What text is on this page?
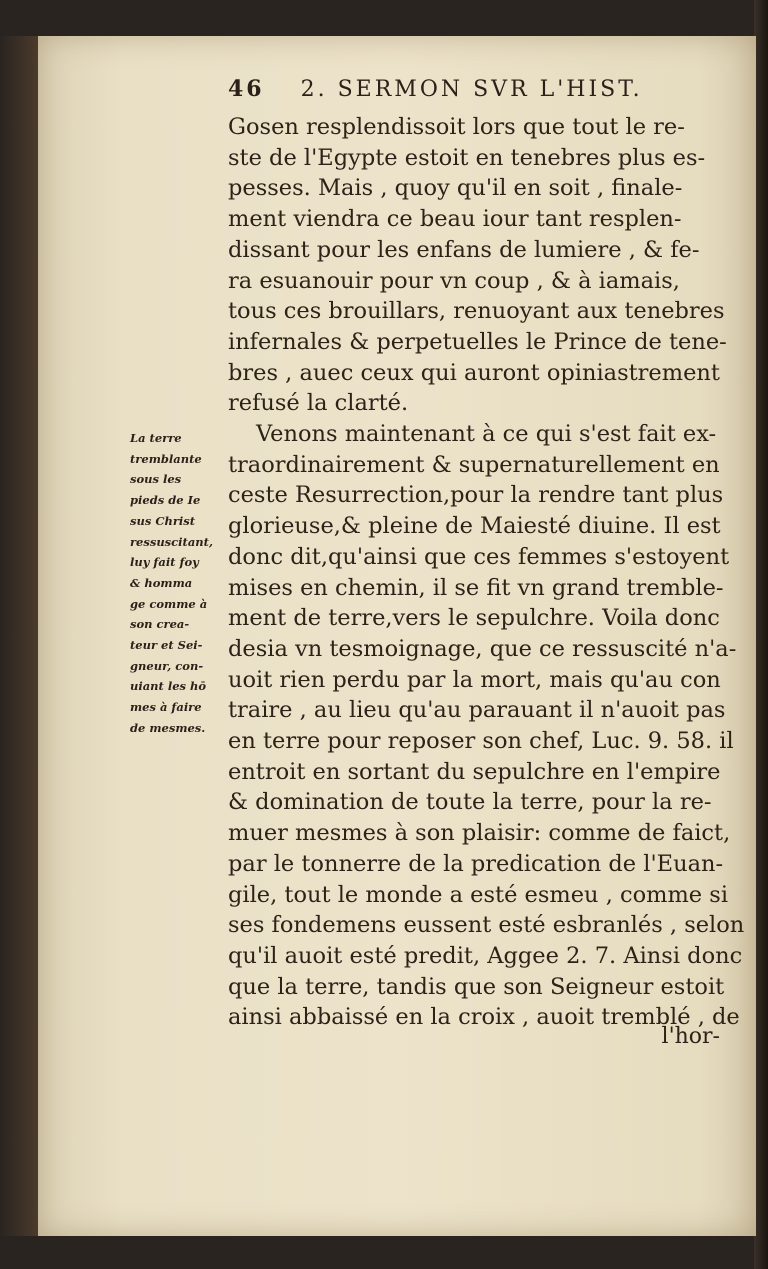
46 2. SERMON SVR L'HIST.
La terre
tremblante
sous les
pieds de Ie
sus Christ
ressuscitant,
luy fait foy
& homma
ge comme à
son crea-
teur et Sei-
gneur, con-
uiant les hō
mes à faire
de mesmes.
Gosen resplendissoit lors que tout le re-
ste de l'Egypte estoit en tenebres plus es-
pesses. Mais , quoy qu'il en soit , finale-
ment viendra ce beau iour tant resplen-
dissant pour les enfans de lumiere , & fe-
ra esuanouir pour vn coup , & à iamais,
tous ces brouillars, renuoyant aux tenebres
infernales & perpetuelles le Prince de tene-
bres , auec ceux qui auront opiniastrement
refusé la clarté.
Venons maintenant à ce qui s'est fait ex-
traordinairement & supernaturellement en
ceste Resurrection,pour la rendre tant plus
glorieuse,& pleine de Maiesté diuine. Il est
donc dit,qu'ainsi que ces femmes s'estoyent
mises en chemin, il se fit vn grand tremble-
ment de terre,vers le sepulchre. Voila donc
desia vn tesmoignage, que ce ressuscité n'a-
uoit rien perdu par la mort, mais qu'au con
traire , au lieu qu'au parauant il n'auoit pas
en terre pour reposer son chef, Luc. 9. 58. il
entroit en sortant du sepulchre en l'empire
& domination de toute la terre, pour la re-
muer mesmes à son plaisir: comme de faict,
par le tonnerre de la predication de l'Euan-
gile, tout le monde a esté esmeu , comme si
ses fondemens eussent esté esbranlés , selon
qu'il auoit esté predit, Aggee 2. 7. Ainsi donc
que la terre, tandis que son Seigneur estoit
ainsi abbaissé en la croix , auoit tremblé , de
l'hor-
